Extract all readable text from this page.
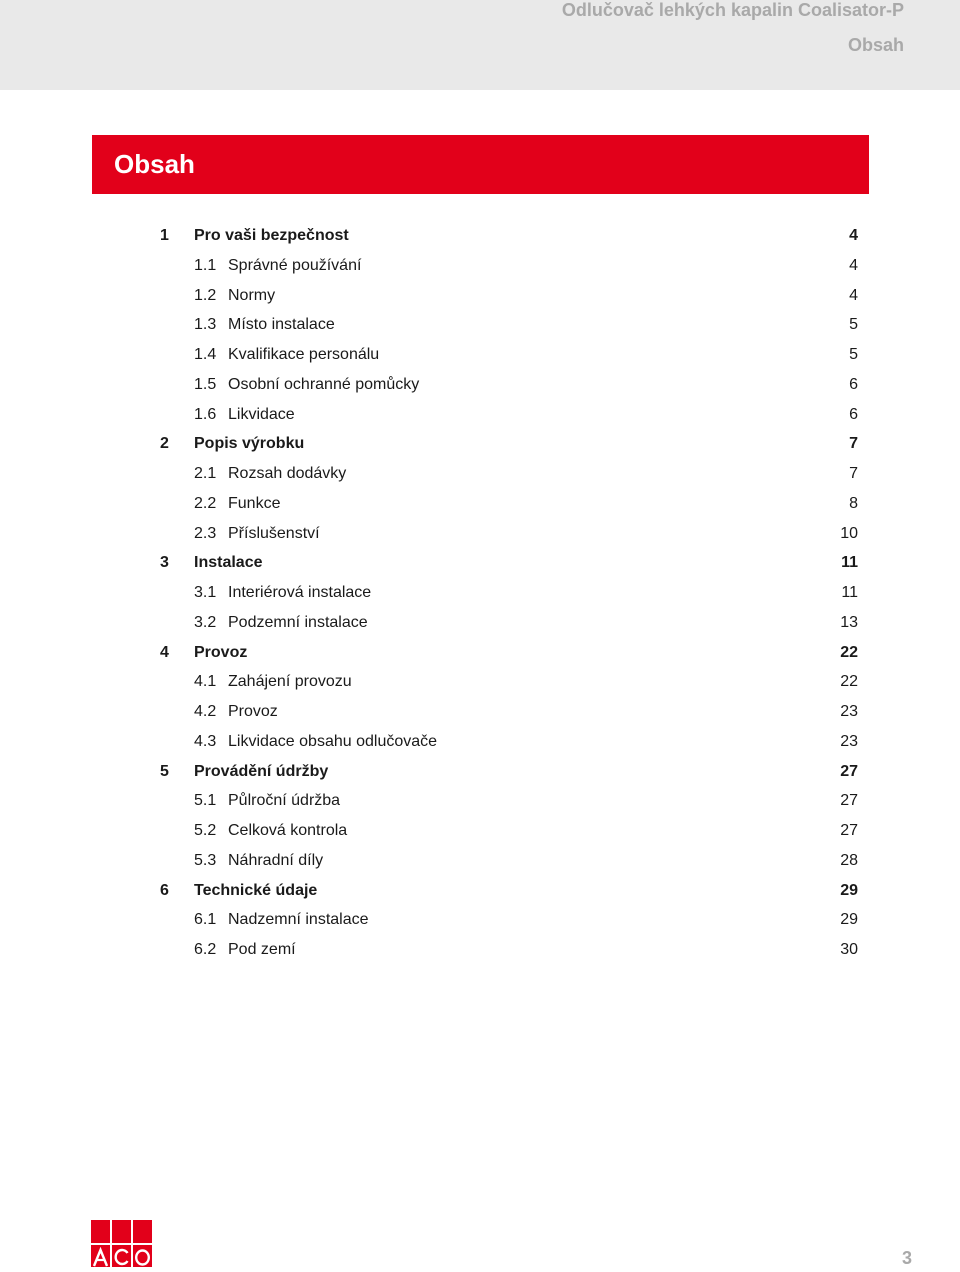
Odlučovač lehkých kapalin Coalisator-P
Obsah
Obsah
1 Pro vaši bezpečnost	4
1.1 Správné používání	4
1.2 Normy	4
1.3 Místo instalace	5
1.4 Kvalifikace personálu	5
1.5 Osobní ochranné pomůcky	6
1.6 Likvidace	6
2 Popis výrobku	7
2.1 Rozsah dodávky	7
2.2 Funkce	8
2.3 Příslušenství	10
3 Instalace	11
3.1 Interiérová instalace	11
3.2 Podzemní instalace	13
4 Provoz	22
4.1 Zahájení provozu	22
4.2 Provoz	23
4.3 Likvidace obsahu odlučovače	23
5 Provádění údržby	27
5.1 Půlroční údržba	27
5.2 Celková kontrola	27
5.3 Náhradní díly	28
6 Technické údaje	29
6.1 Nadzemní instalace	29
6.2 Pod zemí	30
3
